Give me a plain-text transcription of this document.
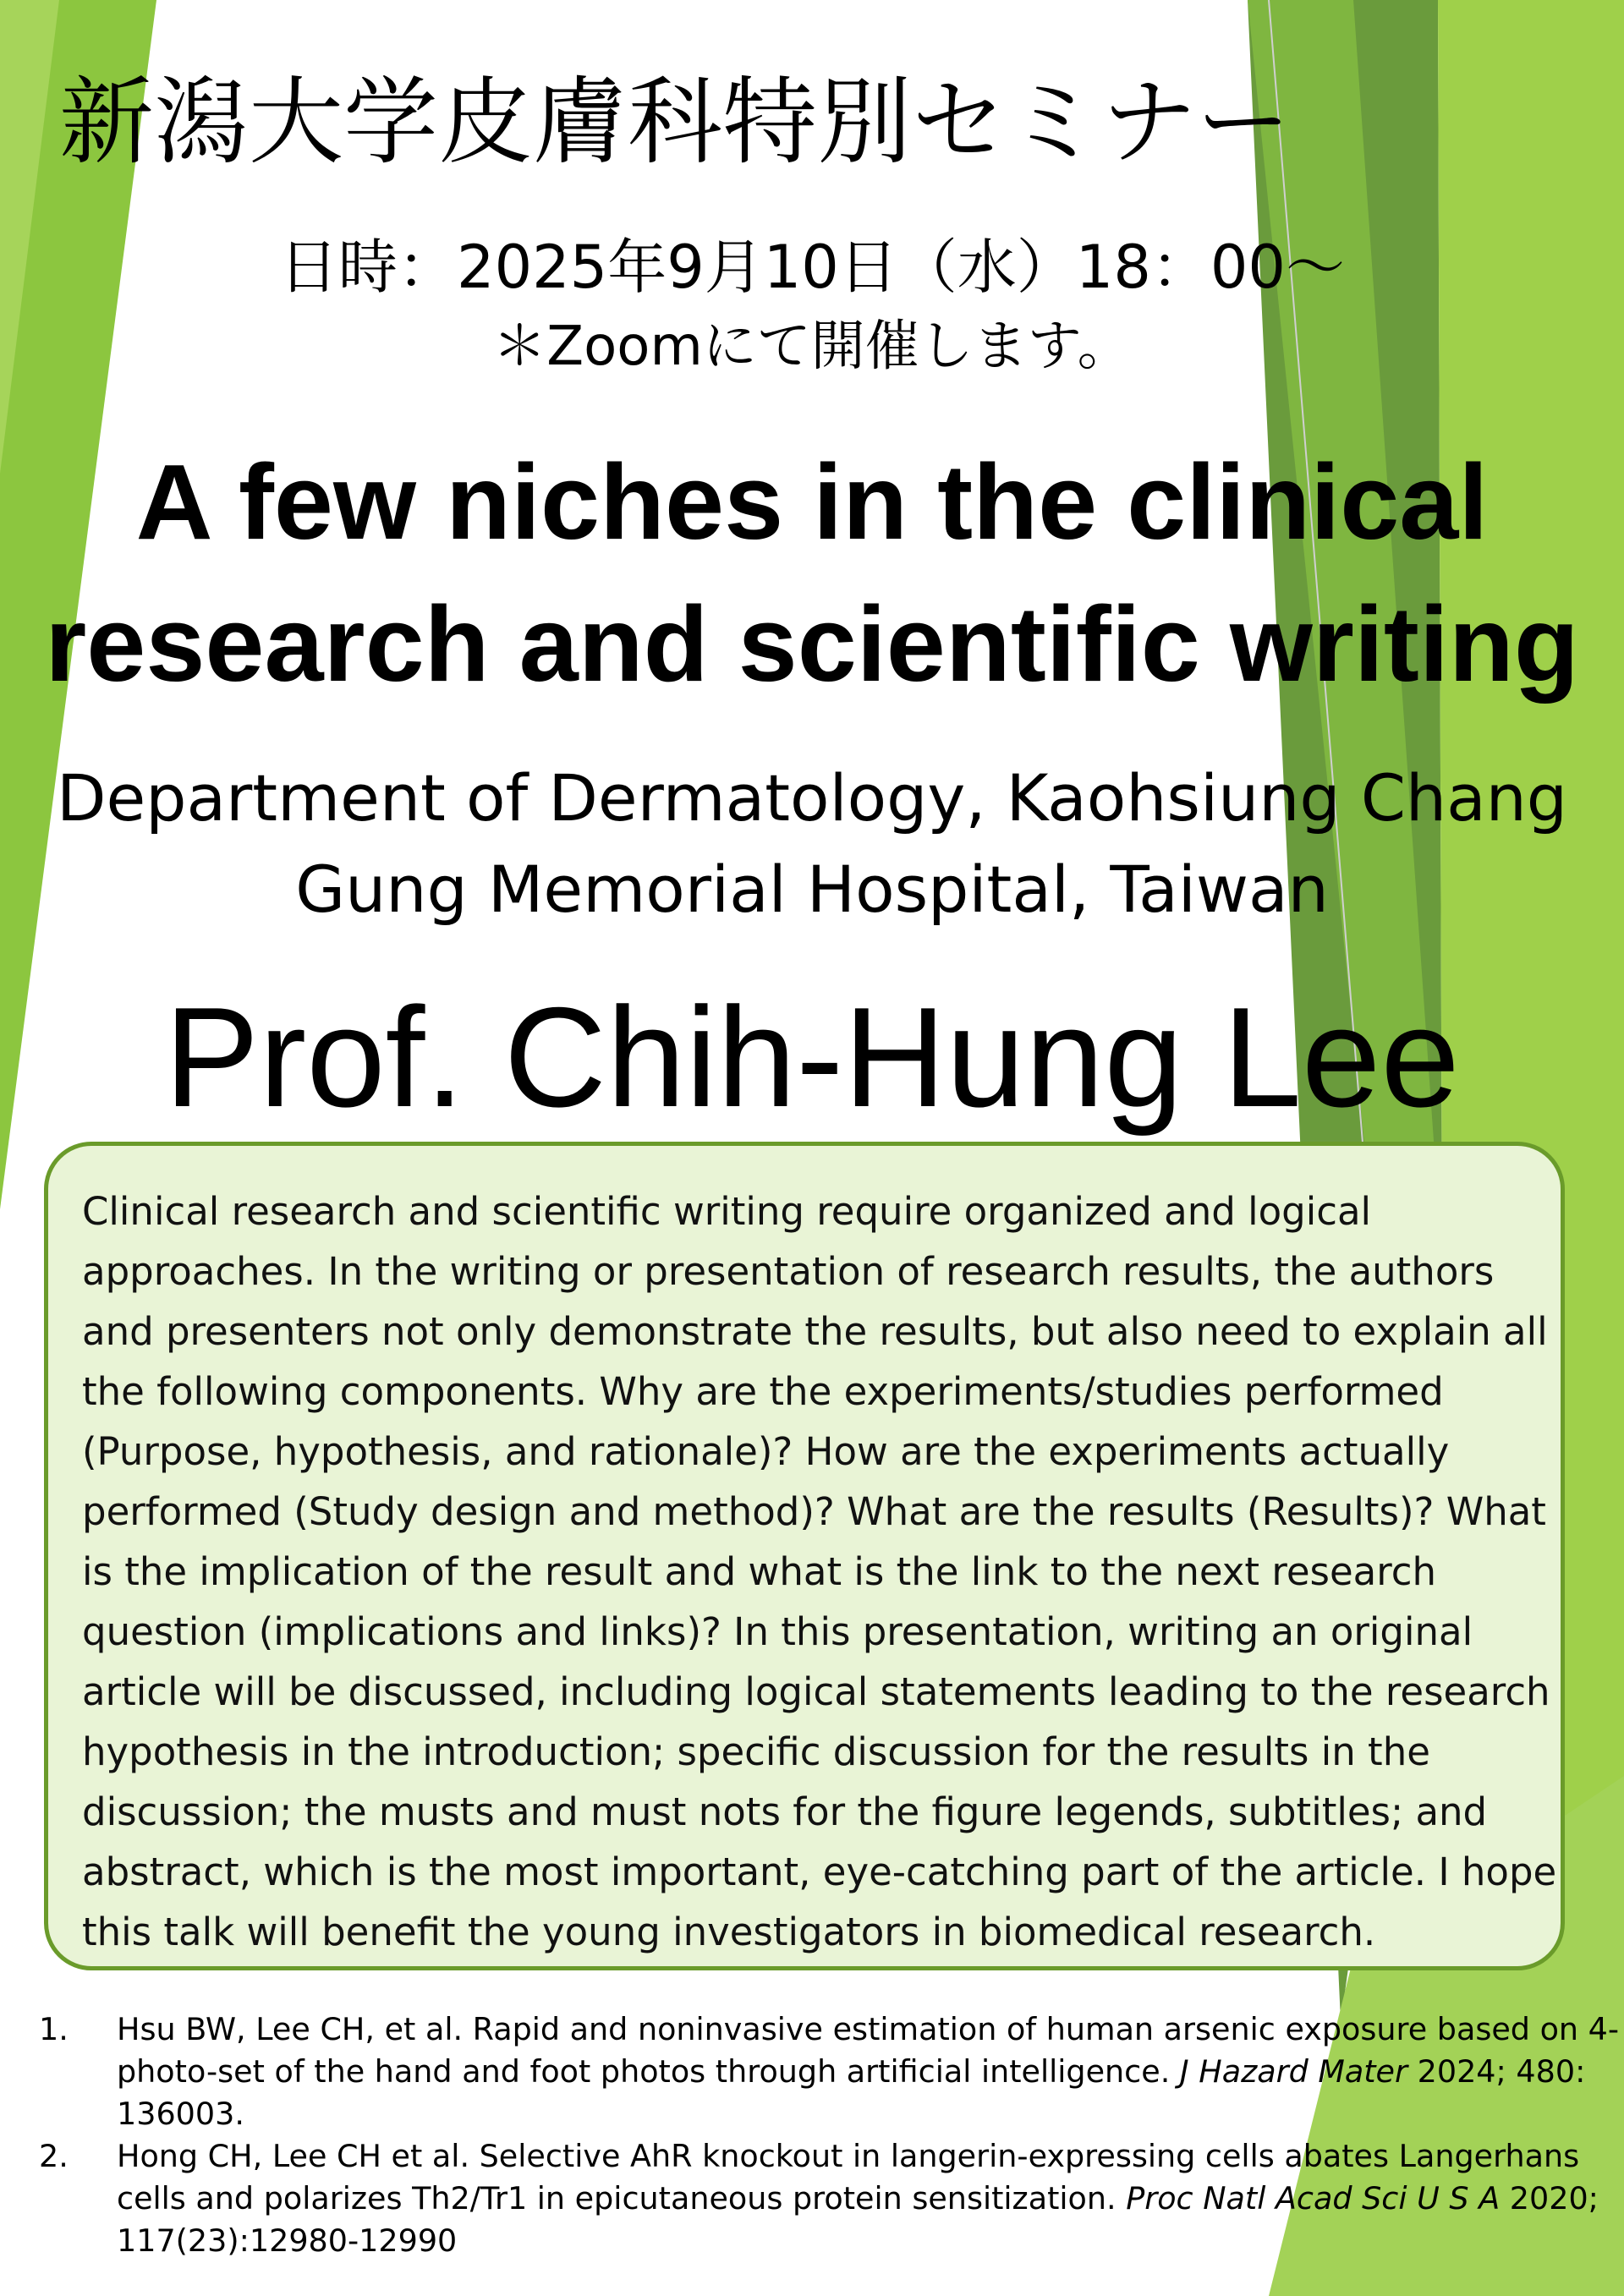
新潟大学皮膚科特別セミナー
日時：2025年9月10日（水）18：00～
＊Zoomにて開催します。
A few niches in the clinical
research and scientific writing
Department of Dermatology, Kaohsiung Chang
Gung Memorial Hospital, Taiwan
Prof. Chih-Hung Lee
Clinical research and scientific writing require organized and logical
approaches. In the writing or presentation of research results, the authors
and presenters not only demonstrate the results, but also need to explain all
the following components. Why are the experiments/studies performed
(Purpose, hypothesis, and rationale)? How are the experiments actually
performed (Study design and method)? What are the results (Results)? What
is the implication of the result and what is the link to the next research
question (implications and links)? In this presentation, writing an original
article will be discussed, including logical statements leading to the research
hypothesis in the introduction; specific discussion for the results in the
discussion; the musts and must nots for the figure legends, subtitles; and
abstract, which is the most important, eye-catching part of the article. I hope
this talk will benefit the young investigators in biomedical research.
1. Hsu BW, Lee CH, et al. Rapid and noninvasive estimation of human arsenic exposure based on 4-
photo-set of the hand and foot photos through artificial intelligence. J Hazard Mater 2024; 480:
136003.
2. Hong CH, Lee CH et al. Selective AhR knockout in langerin-expressing cells abates Langerhans
cells and polarizes Th2/Tr1 in epicutaneous protein sensitization. Proc Natl Acad Sci U S A 2020;
117(23):12980-12990
